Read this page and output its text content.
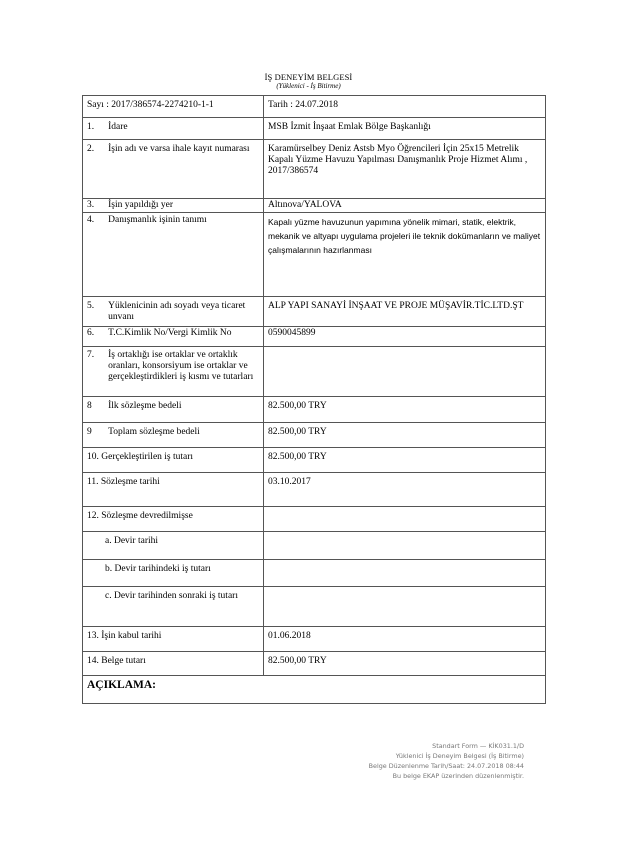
İŞ DENEYİM BELGESİ
(Yüklenici - İş Bitirme)
Sayı : 2017/386574-2274210-1-1	Tarih : 24.07.2018

1.
İdare	MSB İzmit İnşaat Emlak Bölge Başkanlığı

2.
İşin adı ve varsa ihale kayıt numarası	Karamürselbey Deniz Astsb Myo Öğrencileri İçin 25x15 Metrelik Kapalı Yüzme Havuzu Yapılması Danışmanlık Proje Hizmet Alımı , 2017/386574

3.
İşin yapıldığı yer	Altınova/YALOVA

4.
Danışmanlık işinin tanımı	Kapalı yüzme havuzunun yapımına yönelik mimari, statik, elektrik, mekanik ve altyapı uygulama projeleri ile teknik dokümanların ve maliyet çalışmalarının hazırlanması

5.
Yüklenicinin adı soyadı veya ticaret unvanı	ALP YAPI SANAYİ İNŞAAT VE PROJE MÜŞAVİR.TİC.LTD.ŞT

6.
T.C.Kimlik No/Vergi Kimlik No	0590045899

7.
İş ortaklığı ise ortaklar ve ortaklık oranları, konsorsiyum ise ortaklar ve gerçekleştirdikleri iş kısmı ve tutarları	

8
İlk sözleşme bedeli	82.500,00 TRY

9
Toplam sözleşme bedeli	82.500,00 TRY
10. Gerçekleştirilen iş tutarı	82.500,00 TRY
11. Sözleşme tarihi	03.10.2017
12. Sözleşme devredilmişse	
a. Devir tarihi	
b. Devir tarihindeki iş tutarı	
c. Devir tarihinden sonraki iş tutarı	
13. İşin kabul tarihi	01.06.2018
14. Belge tutarı	82.500,00 TRY
AÇIKLAMA:	
Standart Form — KİK031.1/D
Yüklenici İş Deneyim Belgesi (İş Bitirme)
Belge Düzenlenme Tarih/Saat: 24.07.2018 08:44
Bu belge EKAP üzerinden düzenlenmiştir.
